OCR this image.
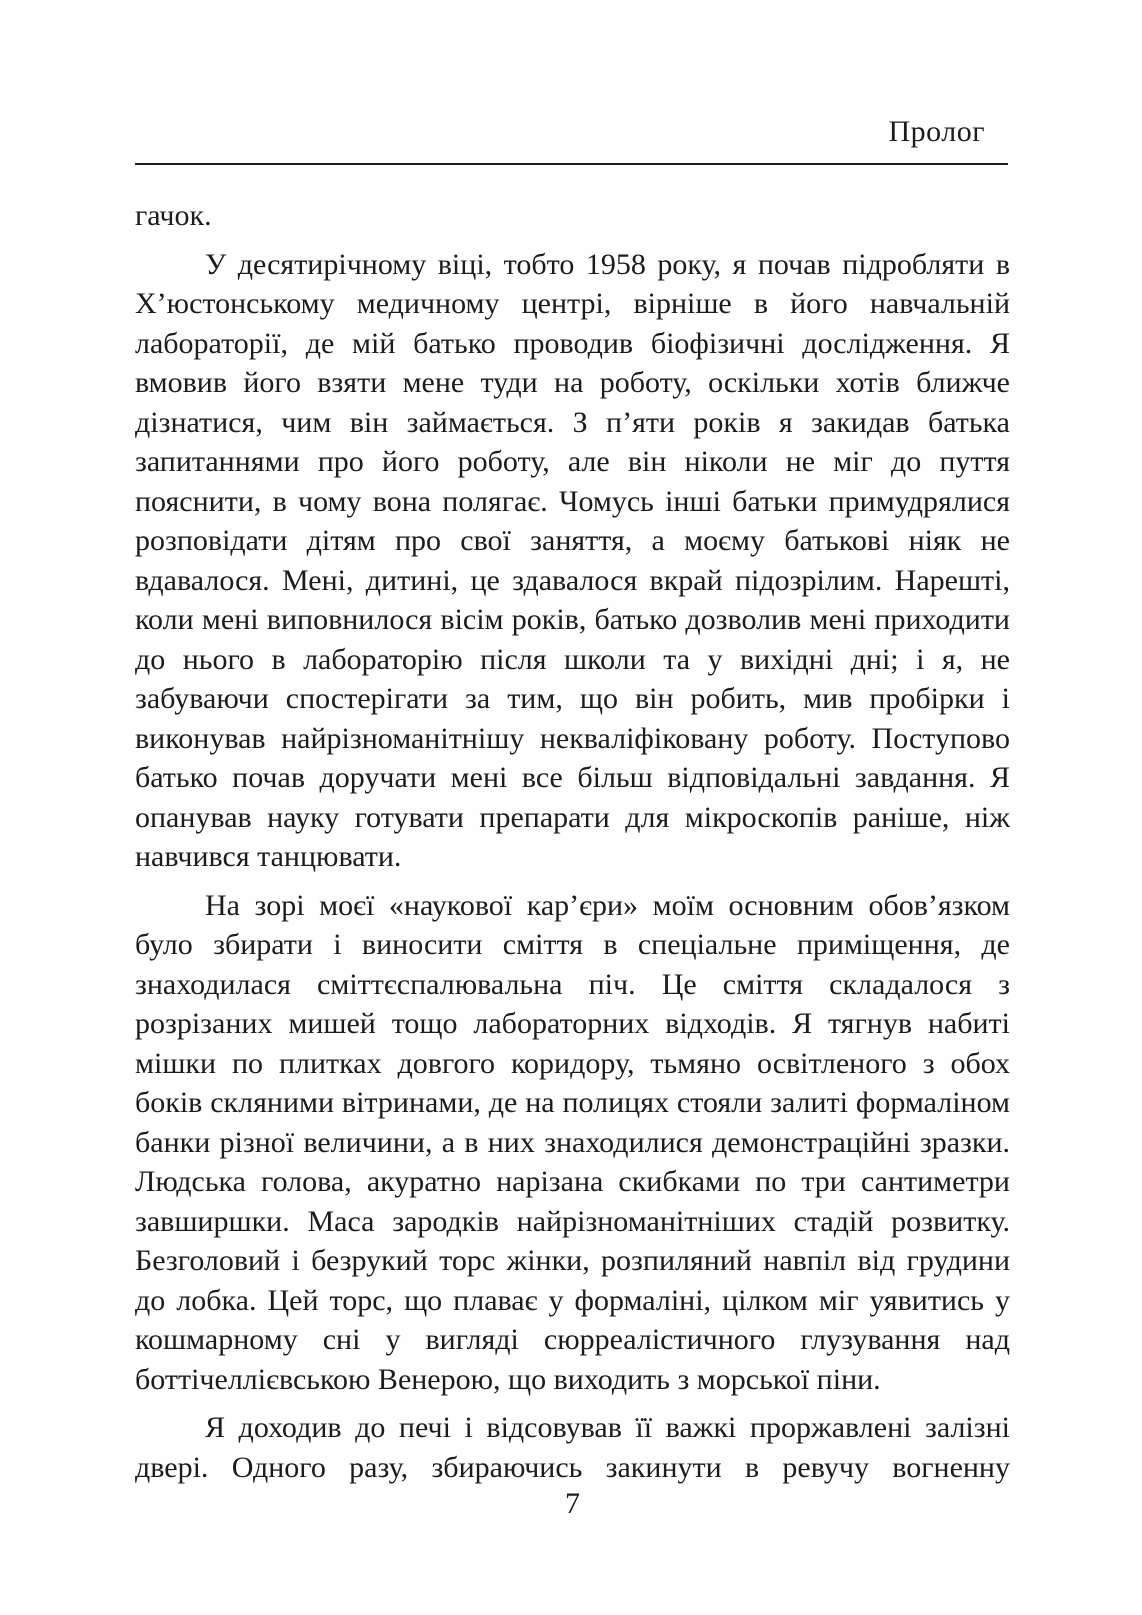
Пролог

гачок.

У десятирічному віці, тобто 1958 року, я почав підробляти в Х’юстонському медичному центрі, вірніше в його навчальній лабораторії, де мій батько проводив біофізичні дослідження. Я вмовив його взяти мене туди на роботу, оскільки хотів ближче дізнатися, чим він займається. З п’яти років я закидав батька запитаннями про його роботу, але він ніколи не міг до пуття пояснити, в чому вона полягає. Чомусь інші батьки примудрялися розповідати дітям про свої заняття, а моєму батькові ніяк не вдавалося. Мені, дитині, це здавалося вкрай підозрілим. Нарешті, коли мені виповнилося вісім років, батько дозволив мені приходити до нього в лабораторію після школи та у вихідні дні; і я, не забуваючи спостерігати за тим, що він робить, мив пробірки і виконував найрізноманітнішу некваліфіковану роботу. Поступово батько почав доручати мені все більш відповідальні завдання. Я опанував науку готувати препарати для мікроскопів раніше, ніж навчився танцювати.

На зорі моєї «наукової кар’єри» моїм основним обов’язком було збирати і виносити сміття в спеціальне приміщення, де знаходилася сміттєспалювальна піч. Це сміття складалося з розрізаних мишей тощо лабораторних відходів. Я тягнув набиті мішки по плитках довгого коридору, тьмяно освітленого з обох боків скляними вітринами, де на полицях стояли залиті формаліном банки різної величини, а в них знаходилися демонстраційні зразки. Людська голова, акуратно нарізана скибками по три сантиметри завширшки. Маса зародків найрізноманітніших стадій розвитку. Безголовий і безрукий торс жінки, розпиляний навпіл від грудини до лобка. Цей торс, що плаває у формаліні, цілком міг уявитись у кошмарному сні у вигляді сюрреалістичного глузування над боттічеллієвською Венерою, що виходить з морської піни.

Я доходив до печі і відсовував її важкі проржавлені залізні двері. Одного разу, збираючись закинути в ревучу вогненну

7
